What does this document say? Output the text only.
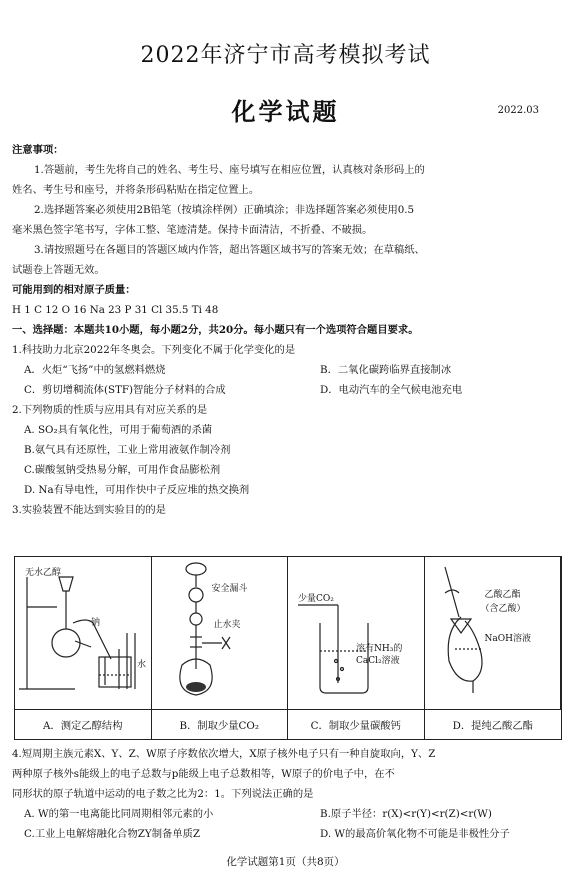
2022年济宁市高考模拟考试
化学试题	2022.03
注意事项：
1.答题前，考生先将自己的姓名、考生号、座号填写在相应位置，认真核对条形码上的
姓名、考生号和座号，并将条形码粘贴在指定位置上。
2.选择题答案必须使用2B铅笔（按填涂样例）正确填涂；非选择题答案必须使用0.5
毫米黑色签字笔书写，字体工整、笔迹清楚。保持卡面清洁，不折叠、不破损。
3.请按照题号在各题目的答题区域内作答，超出答题区域书写的答案无效；在草稿纸、
试题卷上答题无效。
可能用到的相对原子质量：
H 1 C 12 O 16 Na 23 P 31 Cl 35.5 Ti 48
一、选择题：本题共10小题，每小题2分，共20分。每小题只有一个选项符合题目要求。
1.科技助力北京2022年冬奥会。下列变化不属于化学变化的是
A．火炬“飞扬”中的氢燃料燃烧	B．二氧化碳跨临界直接制冰
C．剪切增稠流体(STF)智能分子材料的合成	D．电动汽车的全气候电池充电
2.下列物质的性质与应用具有对应关系的是
A. SO₂具有氧化性，可用于葡萄酒的杀菌
B.氨气具有还原性，工业上常用液氨作制冷剂
C.碳酸氢钠受热易分解，可用作食品膨松剂
D. Na有导电性，可用作快中子反应堆的热交换剂
3.实验装置不能达到实验目的的是
无水乙醇
钠
水
安全漏斗
止水夹
少量CO₂
溶有NH₃的
CaCl₂溶液
乙酸乙酯
（含乙酸）
NaOH溶液
A．测定乙醇结构	B．制取少量CO₂	C．制取少量碳酸钙	D．提纯乙酸乙酯
4.短周期主族元素X、Y、Z、W原子序数依次增大，X原子核外电子只有一种自旋取向，Y、Z
两种原子核外s能级上的电子总数与p能级上电子总数相等，W原子的价电子中，在不
同形状的原子轨道中运动的电子数之比为2：1。下列说法正确的是
A. W的第一电离能比同周期相邻元素的小	B.原子半径：r(X)<r(Y)<r(Z)<r(W)
C.工业上电解熔融化合物ZY制备单质Z	D. W的最高价氧化物不可能是非极性分子
化学试题第1页（共8页）
